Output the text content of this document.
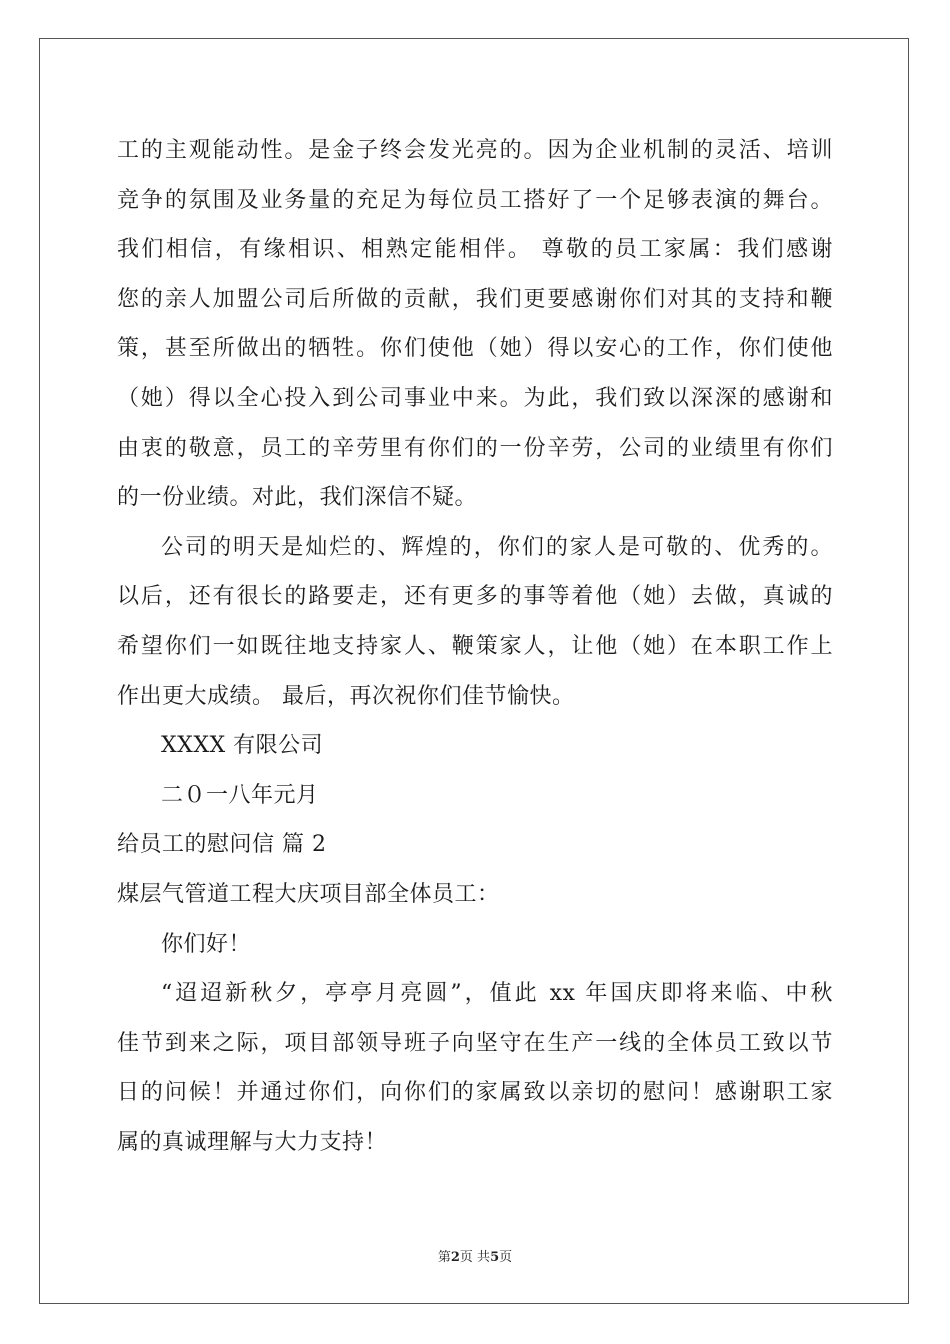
工的主观能动性。是金子终会发光亮的。因为企业机制的灵活、培训
竞争的氛围及业务量的充足为每位员工搭好了一个足够表演的舞台。
我们相信，有缘相识、相熟定能相伴。 尊敬的员工家属：我们感谢
您的亲人加盟公司后所做的贡献，我们更要感谢你们对其的支持和鞭
策，甚至所做出的牺牲。你们使他（她）得以安心的工作，你们使他
（她）得以全心投入到公司事业中来。为此，我们致以深深的感谢和
由衷的敬意，员工的辛劳里有你们的一份辛劳，公司的业绩里有你们
的一份业绩。对此，我们深信不疑。
公司的明天是灿烂的、辉煌的，你们的家人是可敬的、优秀的。
以后，还有很长的路要走，还有更多的事等着他（她）去做，真诚的
希望你们一如既往地支持家人、鞭策家人，让他（她）在本职工作上
作出更大成绩。 最后，再次祝你们佳节愉快。
XXXX 有限公司
二０一八年元月
给员工的慰问信 篇 2
煤层气管道工程大庆项目部全体员工：
你们好！
“迢迢新秋夕，亭亭月亮圆”，值此 xx 年国庆即将来临、中秋
佳节到来之际，项目部领导班子向坚守在生产一线的全体员工致以节
日的问候！并通过你们，向你们的家属致以亲切的慰问！感谢职工家
属的真诚理解与大力支持！
第2页 共5页
